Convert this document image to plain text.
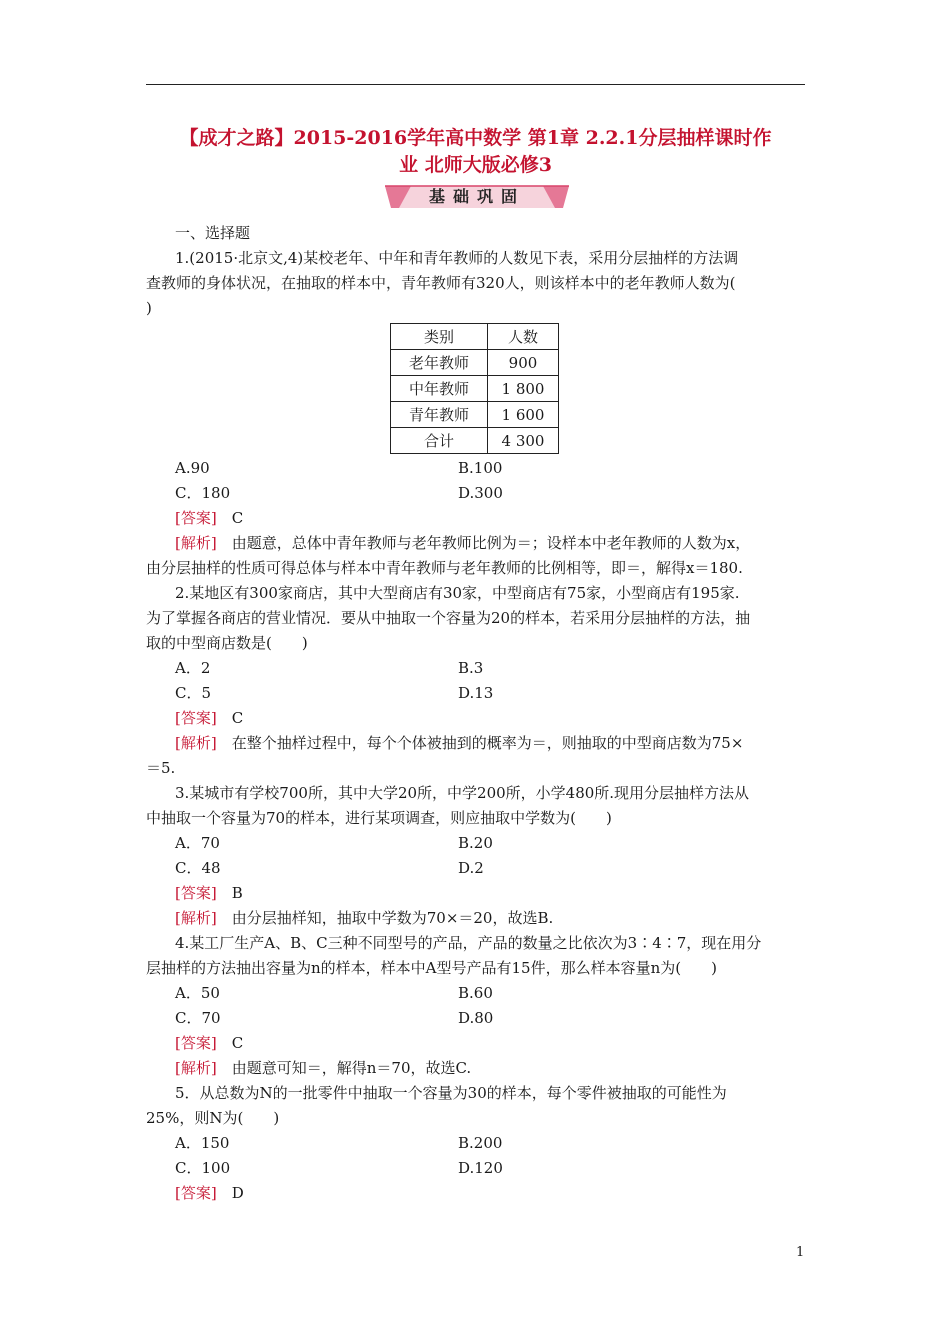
【成才之路】2015-2016学年高中数学 第1章 2.2.1分层抽样课时作
业 北师大版必修3
基础巩固
一、选择题
1.(2015·北京文,4)某校老年、中年和青年教师的人数见下表，采用分层抽样的方法调
查教师的身体状况，在抽取的样本中，青年教师有320人，则该样本中的老年教师人数为(
)
类别	人数
老年教师	900
中年教师	1 800
青年教师	1 600
合计	4 300
A.90	B.100
C．180	D.300
[答案]　 C
[解析]　 由题意，总体中青年教师与老年教师比例为＝；设样本中老年教师的人数为x，
由分层抽样的性质可得总体与样本中青年教师与老年教师的比例相等，即＝，解得x＝180.
2.某地区有300家商店，其中大型商店有30家，中型商店有75家，小型商店有195家.
为了掌握各商店的营业情况．要从中抽取一个容量为20的样本，若采用分层抽样的方法，抽
取的中型商店数是(　　)
A．2	B.3
C．5	D.13
[答案]　 C
[解析]　 在整个抽样过程中，每个个体被抽到的概率为＝，则抽取的中型商店数为75×
＝5.
3.某城市有学校700所，其中大学20所，中学200所，小学480所.现用分层抽样方法从
中抽取一个容量为70的样本，进行某项调查，则应抽取中学数为(　　)
A．70	B.20
C．48	D.2
[答案]　 B
[解析]　 由分层抽样知，抽取中学数为70×＝20，故选B.
4.某工厂生产A、B、C三种不同型号的产品，产品的数量之比依次为3∶4∶7，现在用分
层抽样的方法抽出容量为n的样本，样本中A型号产品有15件，那么样本容量n为(　　)
A．50	B.60
C．70	D.80
[答案]　 C
[解析]　 由题意可知＝，解得n＝70，故选C.
5．从总数为N的一批零件中抽取一个容量为30的样本，每个零件被抽取的可能性为
25%，则N为(　　)
A．150	B.200
C．100	D.120
[答案]　 D
1
